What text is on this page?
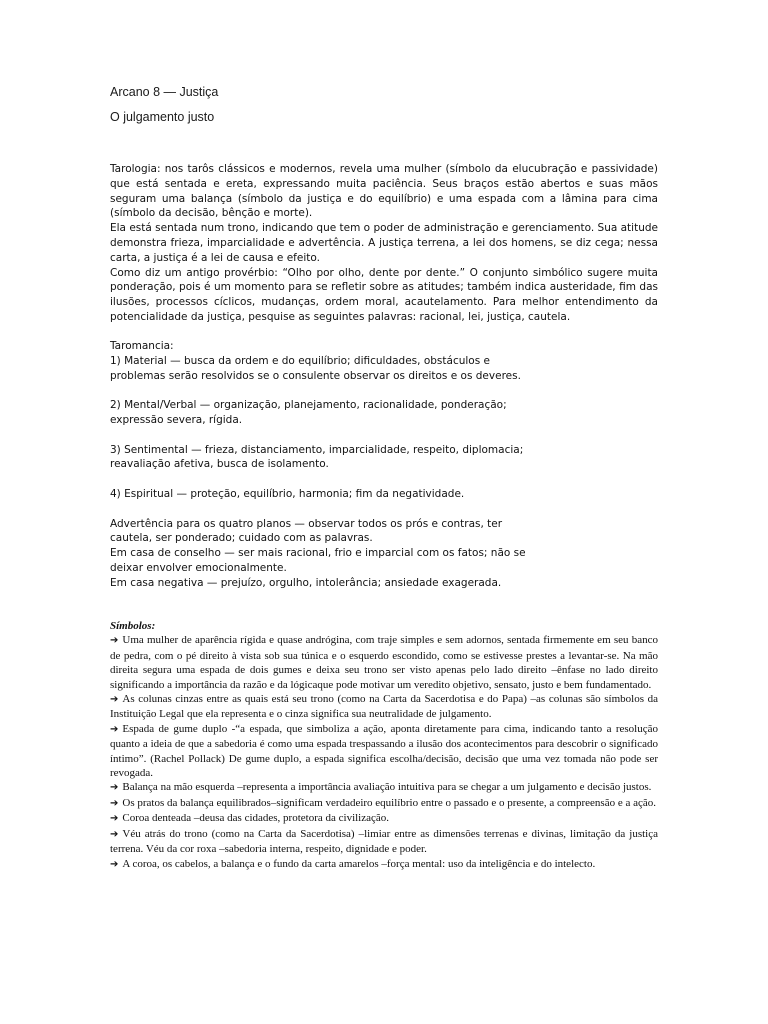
Arcano 8 — Justiça
O julgamento justo

Tarologia: nos tarôs clássicos e modernos, revela uma mulher (símbolo da elucubração e passividade) que está sentada e ereta, expressando muita paciência. Seus braços estão abertos e suas mãos seguram uma balança (símbolo da justiça e do equilíbrio) e uma espada com a lâmina para cima (símbolo da decisão, bênção e morte).

Ela está sentada num trono, indicando que tem o poder de administração e gerenciamento. Sua atitude demonstra frieza, imparcialidade e advertência. A justiça terrena, a lei dos homens, se diz cega; nessa carta, a justiça é a lei de causa e efeito.

Como diz um antigo provérbio: “Olho por olho, dente por dente.” O conjunto simbólico sugere muita ponderação, pois é um momento para se refletir sobre as atitudes; também indica austeridade, fim das ilusões, processos cíclicos, mudanças, ordem moral, acautelamento. Para melhor entendimento da potencialidade da justiça, pesquise as seguintes palavras: racional, lei, justiça, cautela.

Taromancia:

1) Material — busca da ordem e do equilíbrio; dificuldades, obstáculos e

problemas serão resolvidos se o consulente observar os direitos e os deveres.

2) Mental/Verbal — organização, planejamento, racionalidade, ponderação;

expressão severa, rígida.

3) Sentimental — frieza, distanciamento, imparcialidade, respeito, diplomacia;

reavaliação afetiva, busca de isolamento.

4) Espiritual — proteção, equilíbrio, harmonia; fim da negatividade.

Advertência para os quatro planos — observar todos os prós e contras, ter

cautela, ser ponderado; cuidado com as palavras.

Em casa de conselho — ser mais racional, frio e imparcial com os fatos; não se

deixar envolver emocionalmente.

Em casa negativa — prejuízo, orgulho, intolerância; ansiedade exagerada.

Símbolos:

➔ Uma mulher de aparência rígida e quase andrógina, com traje simples e sem adornos, sentada firmemente em seu banco de pedra, com o pé direito à vista sob sua túnica e o esquerdo escondido, como se estivesse prestes a levantar-se. Na mão direita segura uma espada de dois gumes e deixa seu trono ser visto apenas pelo lado direito –ênfase no lado direito significando a importância da razão e da lógicaque pode motivar um veredito objetivo, sensato, justo e bem fundamentado.

➔ As colunas cinzas entre as quais está seu trono (como na Carta da Sacerdotisa e do Papa) –as colunas são símbolos da Instituição Legal que ela representa e o cinza significa sua neutralidade de julgamento.

➔ Espada de gume duplo -“a espada, que simboliza a ação, aponta diretamente para cima, indicando tanto a resolução quanto a ideia de que a sabedoria é como uma espada trespassando a ilusão dos acontecimentos para descobrir o significado íntimo”. (Rachel Pollack) De gume duplo, a espada significa escolha/decisão, decisão que uma vez tomada não pode ser revogada.

➔ Balança na mão esquerda –representa a importância avaliação intuitiva para se chegar a um julgamento e decisão justos.

➔ Os pratos da balança equilibrados–significam verdadeiro equilíbrio entre o passado e o presente, a compreensão e a ação.

➔ Coroa denteada –deusa das cidades, protetora da civilização.

➔ Véu atrás do trono (como na Carta da Sacerdotisa) –limiar entre as dimensões terrenas e divinas, limitação da justiça terrena. Véu da cor roxa –sabedoria interna, respeito, dignidade e poder.

➔ A coroa, os cabelos, a balança e o fundo da carta amarelos –força mental: uso da inteligência e do intelecto.
